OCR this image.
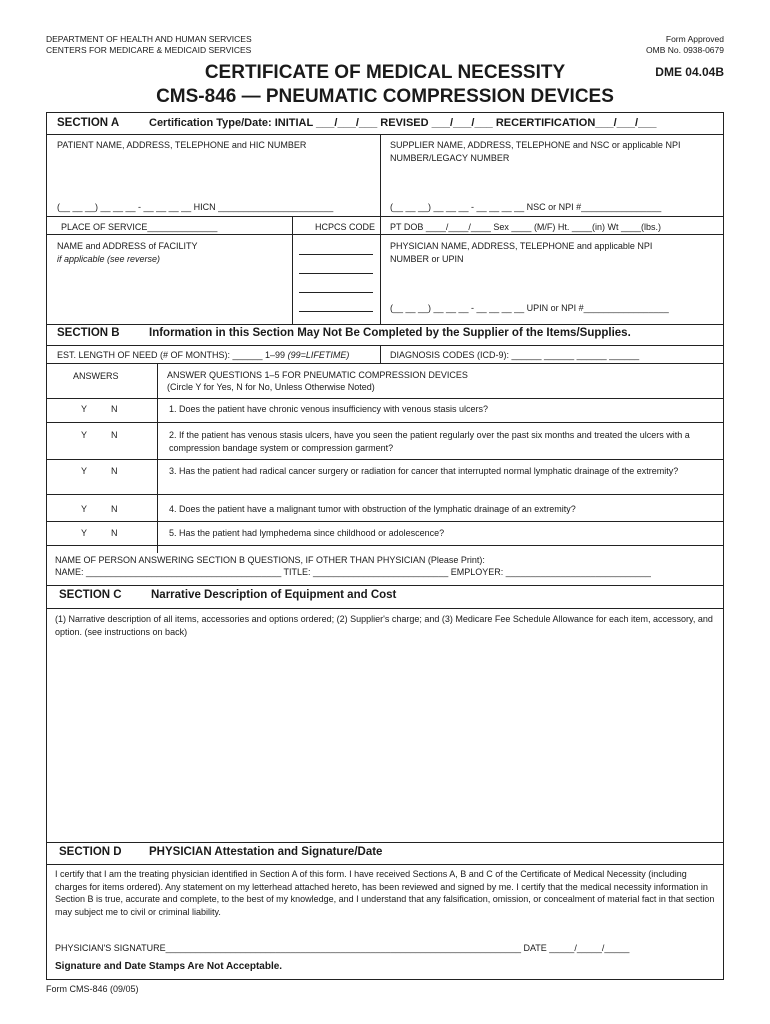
DEPARTMENT OF HEALTH AND HUMAN SERVICES
CENTERS FOR MEDICARE & MEDICAID SERVICES
Form Approved
OMB No. 0938-0679
CERTIFICATE OF MEDICAL NECESSITY
CMS-846 — PNEUMATIC COMPRESSION DEVICES
DME 04.04B
SECTION A	Certification Type/Date: INITIAL ___/___/___ REVISED ___/___/___ RECERTIFICATION___/___/___
PATIENT NAME, ADDRESS, TELEPHONE and HIC NUMBER	SUPPLIER NAME, ADDRESS, TELEPHONE and NSC or applicable NPI NUMBER/LEGACY NUMBER
(__ __ __) __ __ __ - __ __ __ __ HICN _______________________	(__ __ __) __ __ __ - __ __ __ __ NSC or NPI #________________
PLACE OF SERVICE______________	HCPCS CODE PT DOB ____/____/____ Sex ____ (M/F) Ht. ____(in) Wt ____(lbs.)
NAME and ADDRESS of FACILITY
if applicable (see reverse)
PHYSICIAN NAME, ADDRESS, TELEPHONE and applicable NPI NUMBER or UPIN
(__ __ __) __ __ __ - __ __ __ __ UPIN or NPI #_________________
SECTION B	Information in this Section May Not Be Completed by the Supplier of the Items/Supplies.
EST. LENGTH OF NEED (# OF MONTHS): ______ 1–99 (99=LIFETIME)	DIAGNOSIS CODES (ICD-9): ______ ______ ______ ______
ANSWERS	ANSWER QUESTIONS 1–5 FOR PNEUMATIC COMPRESSION DEVICES
(Circle Y for Yes, N for No, Unless Otherwise Noted)
Y	N	1. Does the patient have chronic venous insufficiency with venous stasis ulcers?
Y	N	2. If the patient has venous stasis ulcers, have you seen the patient regularly over the past six months and treated the ulcers with a compression bandage system or compression garment?
Y	N	3. Has the patient had radical cancer surgery or radiation for cancer that interrupted normal lymphatic drainage of the extremity?
Y	N	4. Does the patient have a malignant tumor with obstruction of the lymphatic drainage of an extremity?
Y	N	5. Has the patient had lymphedema since childhood or adolescence?
NAME OF PERSON ANSWERING SECTION B QUESTIONS, IF OTHER THAN PHYSICIAN (Please Print):
NAME: _______________________________________ TITLE: ___________________________ EMPLOYER: _____________________________
SECTION C	Narrative Description of Equipment and Cost
(1) Narrative description of all items, accessories and options ordered; (2) Supplier's charge; and (3) Medicare Fee Schedule Allowance for each item, accessory, and option. (see instructions on back)
SECTION D PHYSICIAN Attestation and Signature/Date
I certify that I am the treating physician identified in Section A of this form. I have received Sections A, B and C of the Certificate of Medical Necessity (including charges for items ordered). Any statement on my letterhead attached hereto, has been reviewed and signed by me. I certify that the medical necessity information in Section B is true, accurate and complete, to the best of my knowledge, and I understand that any falsification, omission, or concealment of material fact in that section may subject me to civil or criminal liability.
PHYSICIAN'S SIGNATURE_______________________________________________________________________ DATE _____/_____/_____
Signature and Date Stamps Are Not Acceptable.
Form CMS-846 (09/05)
